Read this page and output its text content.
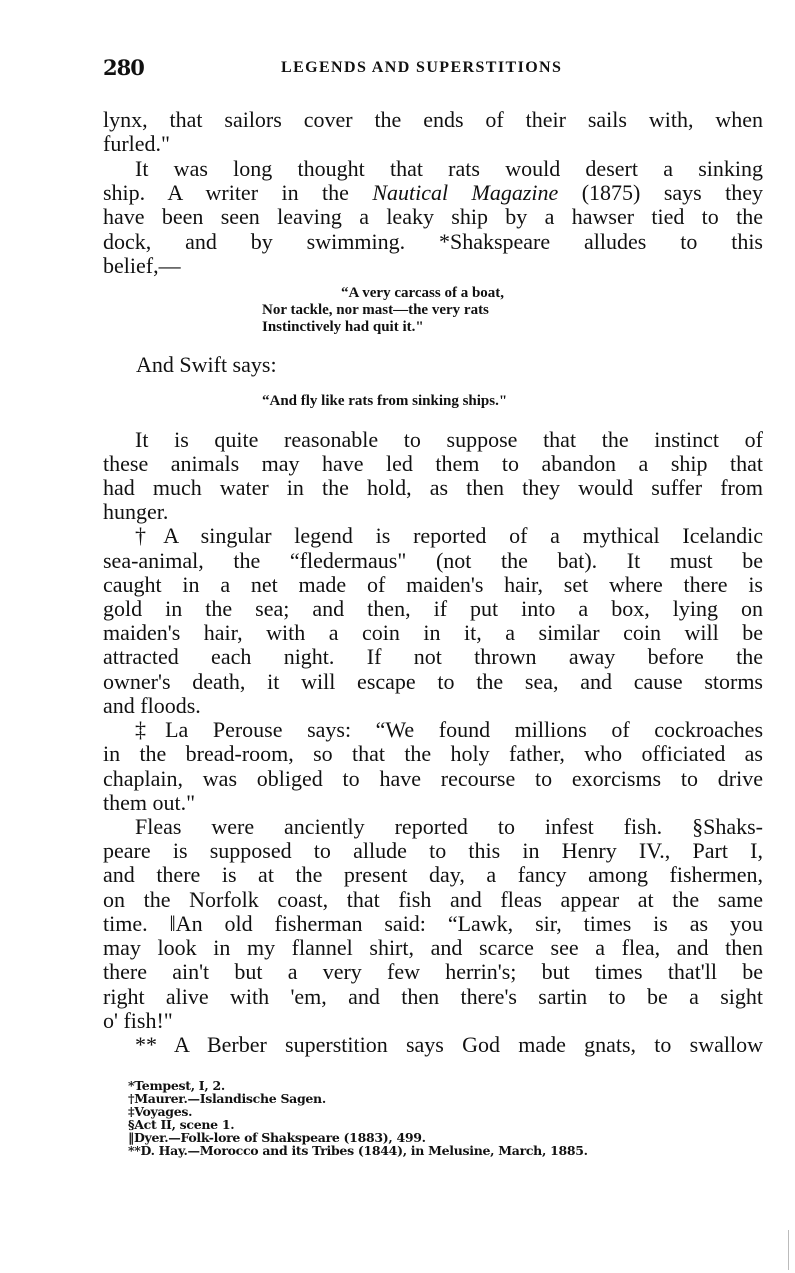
280	LEGENDS AND SUPERSTITIONS
lynx, that sailors cover the ends of their sails with, when
furled."
It was long thought that rats would desert a sinking
ship. A writer in the Nautical Magazine (1875) says they
have been seen leaving a leaky ship by a hawser tied to the
dock, and by swimming. *Shakspeare alludes to this
belief,—
“A very carcass of a boat,
Nor tackle, nor mast—the very rats
Instinctively had quit it."
And Swift says:
“And fly like rats from sinking ships."
It is quite reasonable to suppose that the instinct of
these animals may have led them to abandon a ship that
had much water in the hold, as then they would suffer from
hunger.
†A singular legend is reported of a mythical Icelandic
sea-animal, the “fledermaus" (not the bat). It must be
caught in a net made of maiden's hair, set where there is
gold in the sea; and then, if put into a box, lying on
maiden's hair, with a coin in it, a similar coin will be
attracted each night. If not thrown away before the
owner's death, it will escape to the sea, and cause storms
and floods.
‡La Perouse says: “We found millions of cockroaches
in the bread-room, so that the holy father, who officiated as
chaplain, was obliged to have recourse to exorcisms to drive
them out."
Fleas were anciently reported to infest fish. §Shaks-
peare is supposed to allude to this in Henry IV., Part I,
and there is at the present day, a fancy among fishermen,
on the Norfolk coast, that fish and fleas appear at the same
time. ‖An old fisherman said: “Lawk, sir, times is as you
may look in my flannel shirt, and scarce see a flea, and then
there ain't but a very few herrin's; but times that'll be
right alive with 'em, and then there's sartin to be a sight
o' fish!"
** A Berber superstition says God made gnats, to swallow
*Tempest, I, 2.
†Maurer.—Islandische Sagen.
‡Voyages.
§Act II, scene 1.
‖Dyer.—Folk-lore of Shakspeare (1883), 499.
**D. Hay.—Morocco and its Tribes (1844), in Melusine, March, 1885.
